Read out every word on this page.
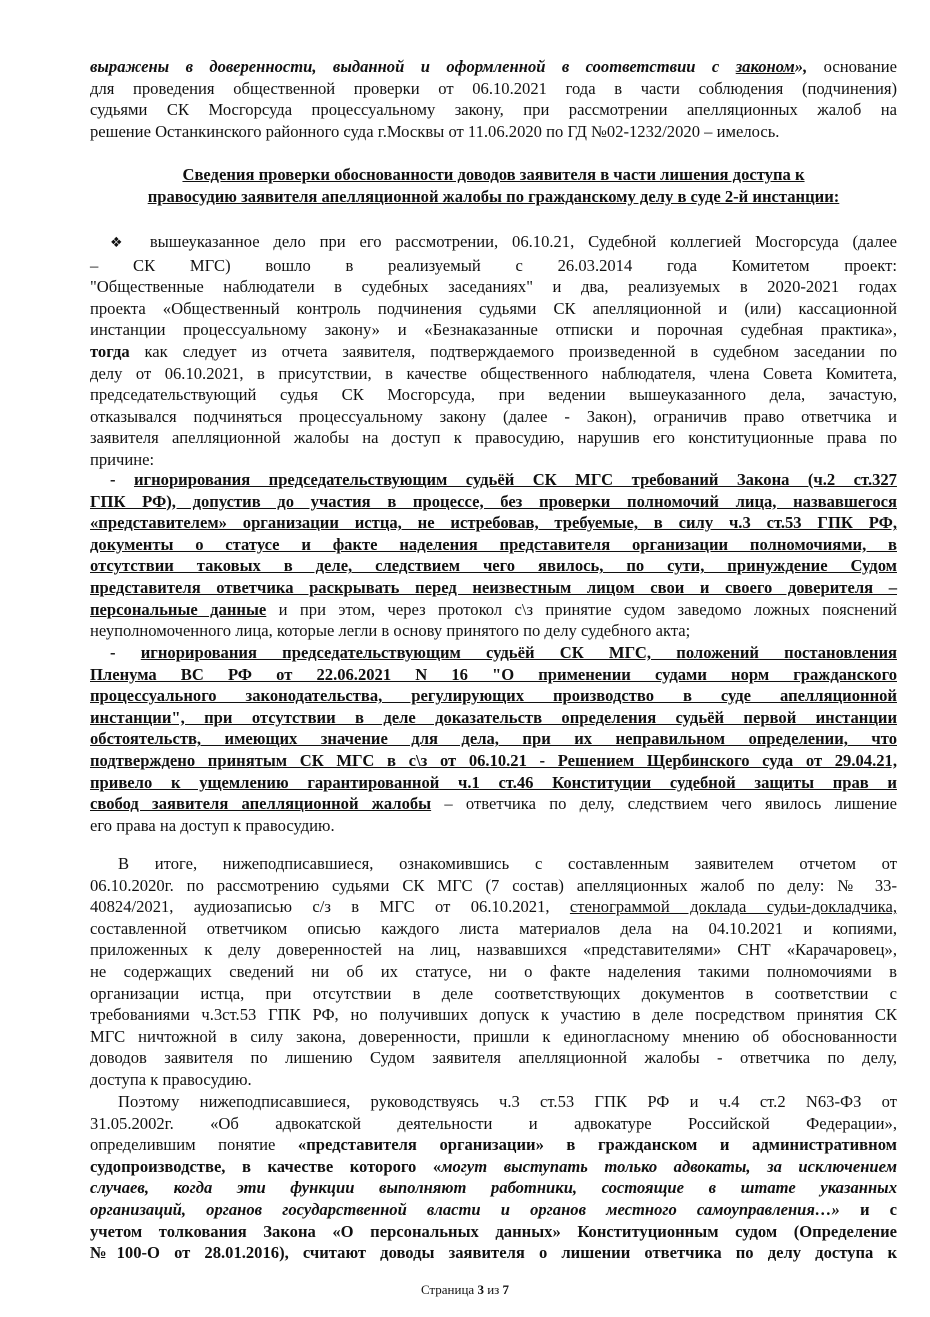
выражены в доверенности, выданной и оформленной в соответствии с законом», основание
для проведения общественной проверки от 06.10.2021 года в части соблюдения (подчинения)
судьями СК Мосгорсуда процессуальному закону, при рассмотрении апелляционных жалоб на
решение Останкинского районного суда г.Москвы от 11.06.2020 по ГД №02-1232/2020 – имелось.
Сведения проверки обоснованности доводов заявителя в части лишения доступа к
правосудию заявителя апелляционной жалобы по гражданскому делу в суде 2-й инстанции:
❖ вышеуказанное дело при его рассмотрении, 06.10.21, Судебной коллегией Мосгорсуда (далее
– СК МГС) вошло в реализуемый с 26.03.2014 года Комитетом проект:
"Общественные наблюдатели в судебных заседаниях" и два, реализуемых в 2020-2021 годах
проекта «Общественный контроль подчинения судьями СК апелляционной и (или) кассационной
инстанции процессуальному закону» и «Безнаказанные отписки и порочная судебная практика»,
тогда как следует из отчета заявителя, подтверждаемого произведенной в судебном заседании по
делу от 06.10.2021, в присутствии, в качестве общественного наблюдателя, члена Совета Комитета,
председательствующий судья СК Мосгорсуда, при ведении вышеуказанного дела, зачастую,
отказывался подчиняться процессуальному закону (далее - Закон), ограничив право ответчика и
заявителя апелляционной жалобы на доступ к правосудию, нарушив его конституционные права по
причине:
- игнорирования председательствующим судьёй СК МГС требований Закона (ч.2 ст.327
ГПК РФ), допустив до участия в процессе, без проверки полномочий лица, назвавшегося
«представителем» организации истца, не истребовав, требуемые, в силу ч.3 ст.53 ГПК РФ,
документы о статусе и факте наделения представителя организации полномочиями, в
отсутствии таковых в деле, следствием чего явилось, по сути, принуждение Судом
представителя ответчика раскрывать перед неизвестным лицом свои и своего доверителя –
персональные данные и при этом, через протокол с\з принятие судом заведомо ложных пояснений
неуполномоченного лица, которые легли в основу принятого по делу судебного акта;
- игнорирования председательствующим судьёй СК МГС, положений постановления
Пленума ВС РФ от 22.06.2021 N 16 "О применении судами норм гражданского
процессуального законодательства, регулирующих производство в суде апелляционной
инстанции", при отсутствии в деле доказательств определения судьёй первой инстанции
обстоятельств, имеющих значение для дела, при их неправильном определении, что
подтверждено принятым СК МГС в с\з от 06.10.21 - Решением Щербинского суда от 29.04.21,
привело к ущемлению гарантированной ч.1 ст.46 Конституции судебной защиты прав и
свобод заявителя апелляционной жалобы – ответчика по делу, следствием чего явилось лишение
его права на доступ к правосудию.
В итоге, нижеподписавшиеся, ознакомившись с составленным заявителем отчетом от
06.10.2020г. по рассмотрению судьями СК МГС (7 состав) апелляционных жалоб по делу: № 33-
40824/2021, аудиозаписью с/з в МГС от 06.10.2021, стенограммой доклада судьи-докладчика,
составленной ответчиком описью каждого листа материалов дела на 04.10.2021 и копиями,
приложенных к делу доверенностей на лиц, назвавшихся «представителями» СНТ «Карачаровец»,
не содержащих сведений ни об их статусе, ни о факте наделения такими полномочиями в
организации истца, при отсутствии в деле соответствующих документов в соответствии с
требованиями ч.3ст.53 ГПК РФ, но получивших допуск к участию в деле посредством принятия СК
МГС ничтожной в силу закона, доверенности, пришли к единогласному мнению об обоснованности
доводов заявителя по лишению Судом заявителя апелляционной жалобы - ответчика по делу,
доступа к правосудию.
Поэтому нижеподписавшиеся, руководствуясь ч.3 ст.53 ГПК РФ и ч.4 ст.2 N63-ФЗ от
31.05.2002г. «Об адвокатской деятельности и адвокатуре Российской Федерации»,
определившим понятие «представителя организации» в гражданском и административном
судопроизводстве, в качестве которого «могут выступать только адвокаты, за исключением
случаев, когда эти функции выполняют работники, состоящие в штате указанных
организаций, органов государственной власти и органов местного самоуправления…» и с
учетом толкования Закона «О персональных данных» Конституционным судом (Определение
№100-О от 28.01.2016), считают доводы заявителя о лишении ответчика по делу доступа к
Страница 3 из 7
